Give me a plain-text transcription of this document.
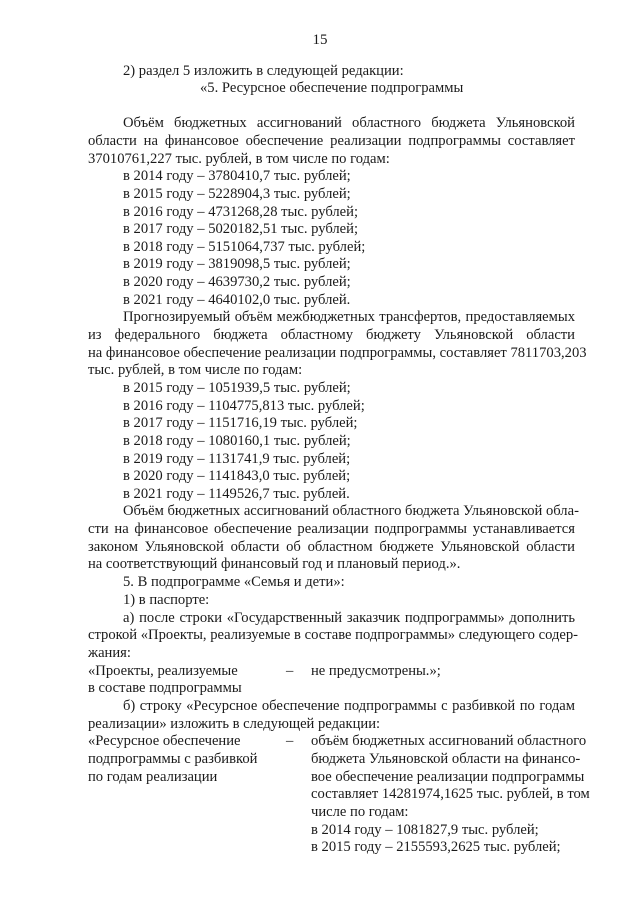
15
2) раздел 5 изложить в следующей редакции:
«5. Ресурсное обеспечение подпрограммы
Объём бюджетных ассигнований областного бюджета Ульяновской
области на финансовое обеспечение реализации подпрограммы составляет
37010761,227 тыс. рублей, в том числе по годам:
в 2014 году – 3780410,7 тыс. рублей;
в 2015 году – 5228904,3 тыс. рублей;
в 2016 году – 4731268,28 тыс. рублей;
в 2017 году – 5020182,51 тыс. рублей;
в 2018 году – 5151064,737 тыс. рублей;
в 2019 году – 3819098,5 тыс. рублей;
в 2020 году – 4639730,2 тыс. рублей;
в 2021 году – 4640102,0 тыс. рублей.
Прогнозируемый объём межбюджетных трансфертов, предоставляемых
из федерального бюджета областному бюджету Ульяновской области
на финансовое обеспечение реализации подпрограммы, составляет 7811703,203
тыс. рублей, в том числе по годам:
в 2015 году – 1051939,5 тыс. рублей;
в 2016 году – 1104775,813 тыс. рублей;
в 2017 году – 1151716,19 тыс. рублей;
в 2018 году – 1080160,1 тыс. рублей;
в 2019 году – 1131741,9 тыс. рублей;
в 2020 году – 1141843,0 тыс. рублей;
в 2021 году – 1149526,7 тыс. рублей.
Объём бюджетных ассигнований областного бюджета Ульяновской обла-
сти на финансовое обеспечение реализации подпрограммы устанавливается
законом Ульяновской области об областном бюджете Ульяновской области
на соответствующий финансовый год и плановый период.».
5. В подпрограмме «Семья и дети»:
1) в паспорте:
а) после строки «Государственный заказчик подпрограммы» дополнить
строкой «Проекты, реализуемые в составе подпрограммы» следующего содер-
жания:
«Проекты, реализуемые
в составе подпрограммы
– не предусмотрены.»;
б) строку «Ресурсное обеспечение подпрограммы с разбивкой по годам
реализации» изложить в следующей редакции:
«Ресурсное обеспечение
подпрограммы с разбивкой
по годам реализации
– объём бюджетных ассигнований областного
бюджета Ульяновской области на финансо-
вое обеспечение реализации подпрограммы
составляет 14281974,1625 тыс. рублей, в том
числе по годам:
в 2014 году – 1081827,9 тыс. рублей;
в 2015 году – 2155593,2625 тыс. рублей;
